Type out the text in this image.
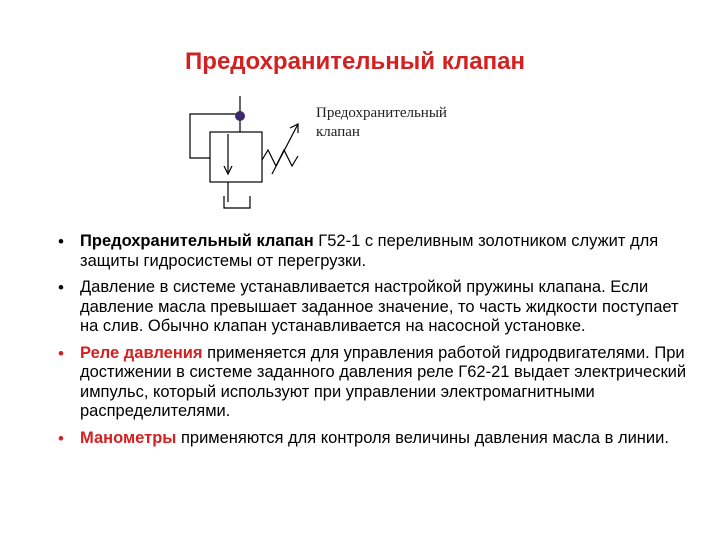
Предохранительный клапан
Предохранительный
клапан
• Предохранительный клапан Г52-1 с переливным золотником служит для защиты гидросистемы от перегрузки.
• Давление в системе устанавливается настройкой пружины клапана. Если давление масла превышает заданное значение, то часть жидкости поступает на слив. Обычно клапан устанавливается на насосной установке.
• Реле давления применяется для управления работой гидродвигателями. При достижении в системе заданного давления реле Г62-21 выдает электрический импульс, который используют при управлении электромагнитными распределителями.
• Манометры применяются для контроля величины давления масла в линии.
